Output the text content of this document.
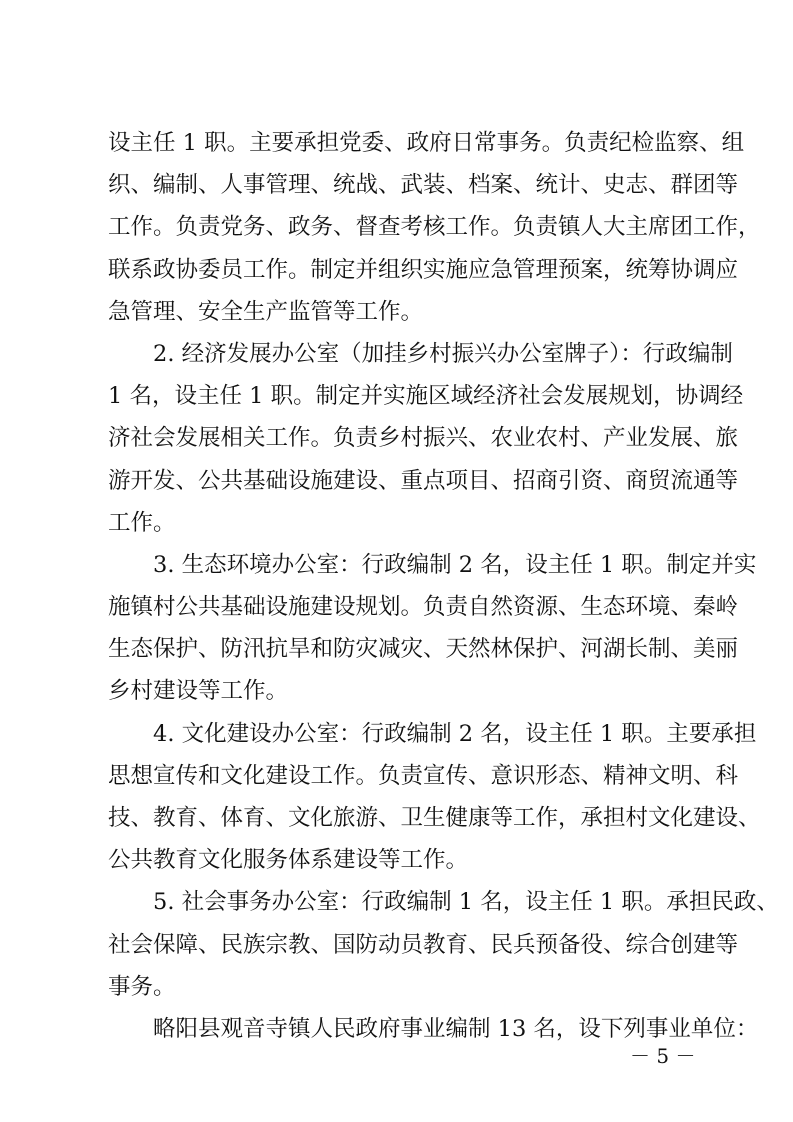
设主任 1 职。主要承担党委、政府日常事务。负责纪检监察、组

织、编制、人事管理、统战、武装、档案、统计、史志、群团等

工作。负责党务、政务、督查考核工作。负责镇人大主席团工作，

联系政协委员工作。制定并组织实施应急管理预案，统筹协调应

急管理、安全生产监管等工作。

2. 经济发展办公室（加挂乡村振兴办公室牌子）：行政编制

1 名，设主任 1 职。制定并实施区域经济社会发展规划，协调经

济社会发展相关工作。负责乡村振兴、农业农村、产业发展、旅

游开发、公共基础设施建设、重点项目、招商引资、商贸流通等

工作。

3. 生态环境办公室：行政编制 2 名，设主任 1 职。制定并实

施镇村公共基础设施建设规划。负责自然资源、生态环境、秦岭

生态保护、防汛抗旱和防灾减灾、天然林保护、河湖长制、美丽

乡村建设等工作。

4. 文化建设办公室：行政编制 2 名，设主任 1 职。主要承担

思想宣传和文化建设工作。负责宣传、意识形态、精神文明、科

技、教育、体育、文化旅游、卫生健康等工作，承担村文化建设、

公共教育文化服务体系建设等工作。

5. 社会事务办公室：行政编制 1 名，设主任 1 职。承担民政、

社会保障、民族宗教、国防动员教育、民兵预备役、综合创建等

事务。

略阳县观音寺镇人民政府事业编制 13 名，设下列事业单位：

－ 5 －
